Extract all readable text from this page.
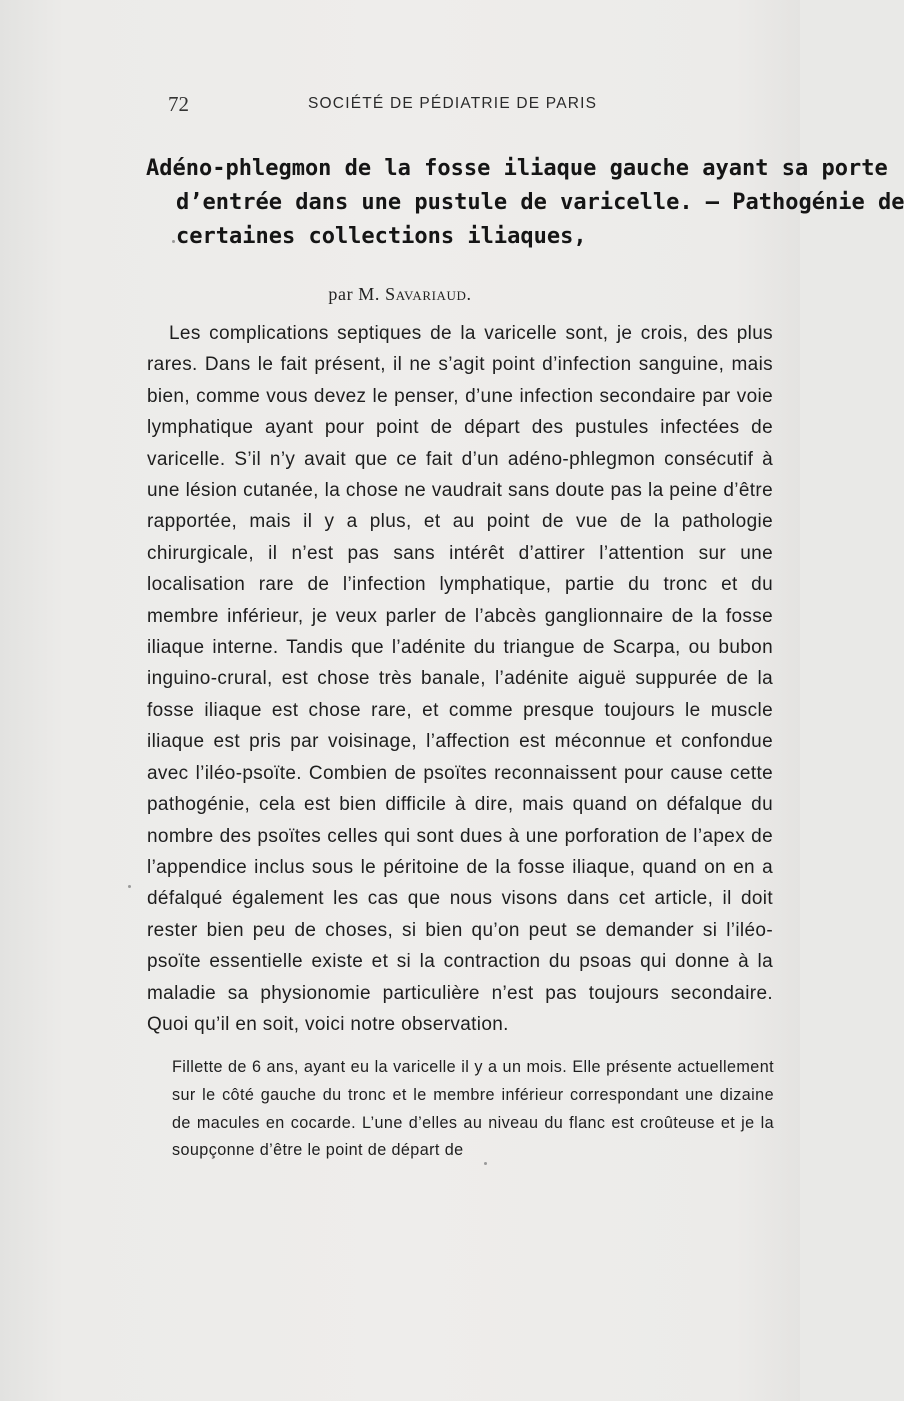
72	SOCIÉTÉ DE PÉDIATRIE DE PARIS
Adéno-phlegmon de la fosse iliaque gauche ayant sa porte
d’entrée dans une pustule de varicelle. — Pathogénie de
certaines collections iliaques,
par M. Savariaud.

Les complications septiques de la varicelle sont, je crois, des plus rares. Dans le fait présent, il ne s’agit point d’infection sanguine, mais bien, comme vous devez le penser, d’une infection secondaire par voie lymphatique ayant pour point de départ des pustules infectées de varicelle. S’il n’y avait que ce fait d’un adéno-phlegmon consécutif à une lésion cutanée, la chose ne vaudrait sans doute pas la peine d’être rapportée, mais il y a plus, et au point de vue de la pathologie chirurgicale, il n’est pas sans intérêt d’attirer l’attention sur une localisation rare de l’infection lymphatique, partie du tronc et du membre inférieur, je veux parler de l’abcès ganglionnaire de la fosse iliaque interne. Tandis que l’adénite du triangue de Scarpa, ou bubon inguino-crural, est chose très banale, l’adénite aiguë suppurée de la fosse iliaque est chose rare, et comme presque toujours le muscle iliaque est pris par voisinage, l’affection est méconnue et confondue avec l’iléo-psoïte. Combien de psoïtes reconnaissent pour cause cette pathogénie, cela est bien difficile à dire, mais quand on défalque du nombre des psoïtes celles qui sont dues à une porforation de l’apex de l’appendice inclus sous le péritoine de la fosse iliaque, quand on en a défalqué également les cas que nous visons dans cet article, il doit rester bien peu de choses, si bien qu’on peut se demander si l’iléo-psoïte essentielle existe et si la contraction du psoas qui donne à la maladie sa physionomie particulière n’est pas toujours secondaire. Quoi qu’il en soit, voici notre observation.

Fillette de 6 ans, ayant eu la varicelle il y a un mois. Elle présente actuellement sur le côté gauche du tronc et le membre inférieur correspondant une dizaine de macules en cocarde. L’une d’elles au niveau du flanc est croûteuse et je la soupçonne d’être le point de départ de
